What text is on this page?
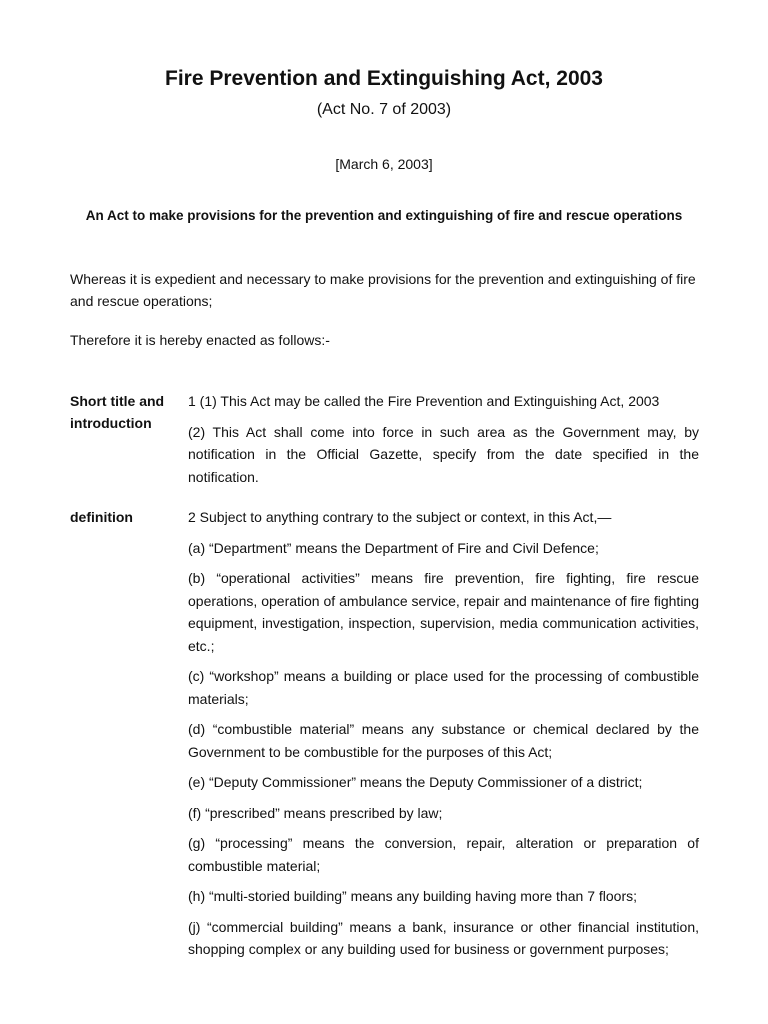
Fire Prevention and Extinguishing Act, 2003
(Act No. 7 of 2003)
[March 6, 2003]
An Act to make provisions for the prevention and extinguishing of fire and rescue operations
Whereas it is expedient and necessary to make provisions for the prevention and extinguishing of fire and rescue operations;
Therefore it is hereby enacted as follows:-
Short title and introduction

1 (1) This Act may be called the Fire Prevention and Extinguishing Act, 2003

(2) This Act shall come into force in such area as the Government may, by notification in the Official Gazette, specify from the date specified in the notification.

definition	2 Subject to anything contrary to the subject or context, in this Act,—

(a) “Department” means the Department of Fire and Civil Defence;

(b) “operational activities” means fire prevention, fire fighting, fire rescue operations, operation of ambulance service, repair and maintenance of fire fighting equipment, investigation, inspection, supervision, media communication activities, etc.;

(c) “workshop” means a building or place used for the processing of combustible materials;

(d) “combustible material” means any substance or chemical declared by the Government to be combustible for the purposes of this Act;

(e) “Deputy Commissioner” means the Deputy Commissioner of a district;

(f) “prescribed” means prescribed by law;

(g) “processing” means the conversion, repair, alteration or preparation of combustible material;

(h) “multi-storied building” means any building having more than 7 floors;

(j) “commercial building” means a bank, insurance or other financial institution, shopping complex or any building used for business or government purposes;
